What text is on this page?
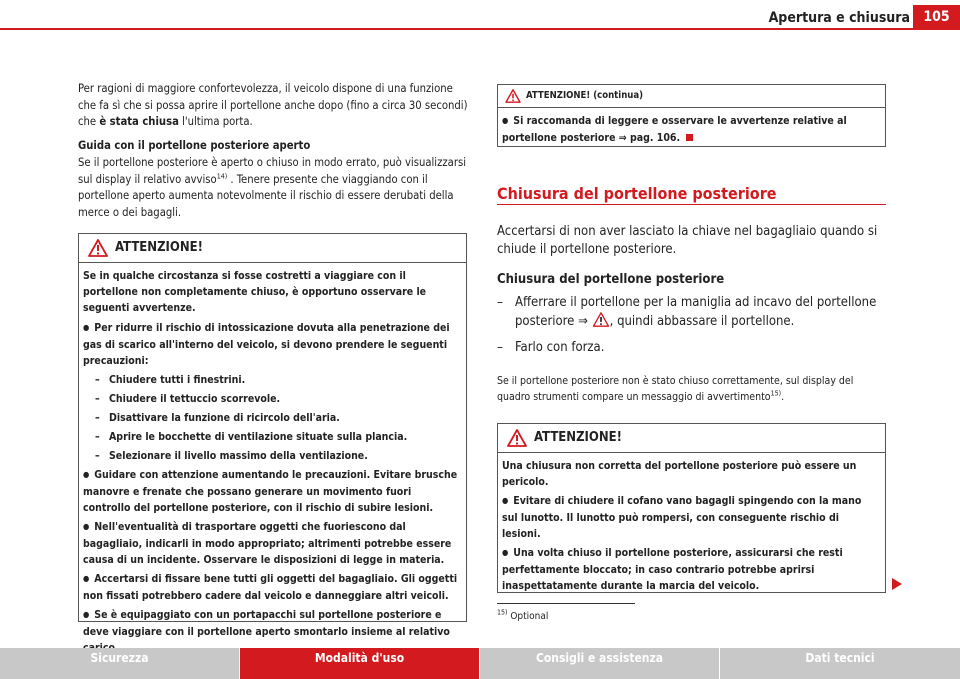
Apertura e chiusura 105

Per ragioni di maggiore confortevolezza, il veicolo dispone di una funzione che fa sì che si possa aprire il portellone anche dopo (fino a circa 30 secondi) che è stata chiusa l'ultima porta.

Guida con il portellone posteriore aperto

Se il portellone posteriore è aperto o chiuso in modo errato, può visualizzarsi sul display il relativo avviso$^{14)}$ . Tenere presente che viaggiando con il portellone aperto aumenta notevolmente il rischio di essere derubati della merce o dei bagagli.

ATTENZIONE!

Se in qualche circostanza si fosse costretti a viaggiare con il portellone non completamente chiuso, è opportuno osservare le seguenti avvertenze.

● Per ridurre il rischio di intossicazione dovuta alla penetrazione dei gas di scarico all'interno del veicolo, si devono prendere le seguenti precauzioni:

– Chiudere tutti i finestrini.

– Chiudere il tettuccio scorrevole.

– Disattivare la funzione di ricircolo dell'aria.

– Aprire le bocchette di ventilazione situate sulla plancia.

– Selezionare il livello massimo della ventilazione.

● Guidare con attenzione aumentando le precauzioni. Evitare brusche manovre e frenate che possano generare un movimento fuori controllo del portellone posteriore, con il rischio di subire lesioni.

● Nell'eventualità di trasportare oggetti che fuoriescono dal bagagliaio, indicarli in modo appropriato; altrimenti potrebbe essere causa di un incidente. Osservare le disposizioni di legge in materia.

● Accertarsi di fissare bene tutti gli oggetti del bagagliaio. Gli oggetti non fissati potrebbero cadere dal veicolo e danneggiare altri veicoli.

● Se è equipaggiato con un portapacchi sul portellone posteriore e deve viaggiare con il portellone aperto smontarlo insieme al relativo

ATTENZIONE! (continua)

● Si raccomanda di leggere e osservare le avvertenze relative al portellone posteriore ⇒ pag. 106.

Chiusura del portellone posteriore

Accertarsi di non aver lasciato la chiave nel bagagliaio quando si chiude il portellone posteriore.

Chiusura del portellone posteriore

– Afferrare il portellone per la maniglia ad incavo del portellone posteriore ⇒ , quindi abbassare il portellone.
– Farlo con forza.

Se il portellone posteriore non è stato chiuso correttamente, sul display del quadro strumenti compare un messaggio di avvertimento$^{15)}$.

ATTENZIONE!

Una chiusura non corretta del portellone posteriore può essere un pericolo.

● Evitare di chiudere il cofano vano bagagli spingendo con la mano sul lunotto. Il lunotto può rompersi, con conseguente rischio di lesioni.

● Una volta chiuso il portellone posteriore, assicurarsi che resti perfettamente bloccato; in caso contrario potrebbe aprirsi inaspettatamente durante la marcia del veicolo.

$^{15)}$ Optional
Sicurezza	Modalità d'uso	Consigli e assistenza	Dati tecnici
